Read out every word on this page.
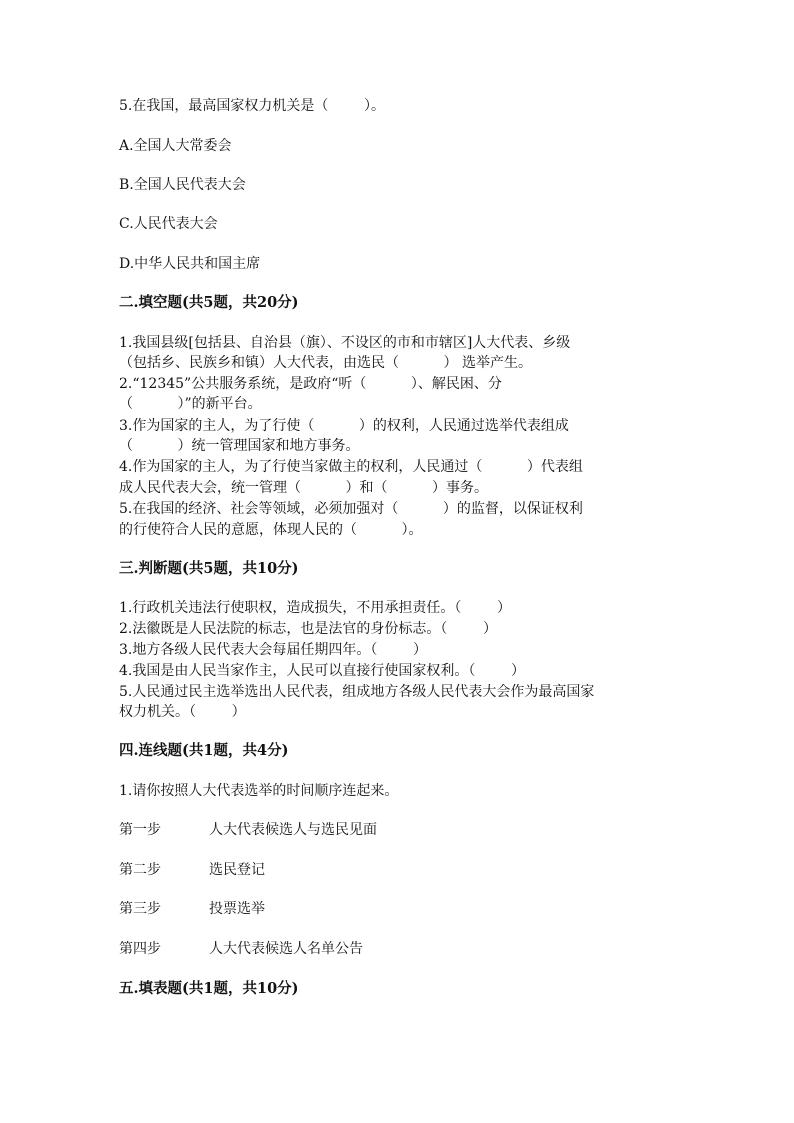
5.在我国，最高国家权力机关是（        ）。

A.全国人大常委会

B.全国人民代表大会

C.人民代表大会

D.中华人民共和国主席

二.填空题(共5题，共20分)

1.我国县级[包括县、自治县（旗）、不设区的市和市辖区]人大代表、乡级

（包括乡、民族乡和镇）人大代表，由选民（          ） 选举产生。

2.“12345”公共服务系统，是政府“听（          ）、解民困、分

（          ）”的新平台。

3.作为国家的主人，为了行使（          ）的权利，人民通过选举代表组成

（          ）统一管理国家和地方事务。

4.作为国家的主人，为了行使当家做主的权利，人民通过（          ）代表组

成人民代表大会，统一管理（          ）和（          ）事务。

5.在我国的经济、社会等领域，必须加强对（          ）的监督，以保证权利

的行使符合人民的意愿，体现人民的（          ）。

三.判断题(共5题，共10分)

1.行政机关违法行使职权，造成损失，不用承担责任。（        ）

2.法徽既是人民法院的标志，也是法官的身份标志。（        ）

3.地方各级人民代表大会每届任期四年。（        ）

4.我国是由人民当家作主，人民可以直接行使国家权利。（        ）

5.人民通过民主选举选出人民代表，组成地方各级人民代表大会作为最高国家

权力机关。（        ）

四.连线题(共1题，共4分)

1.请你按照人大代表选举的时间顺序连起来。

第一步	人大代表候选人与选民见面
第二步	选民登记
第三步	投票选举
第四步	人大代表候选人名单公告

五.填表题(共1题，共10分)
